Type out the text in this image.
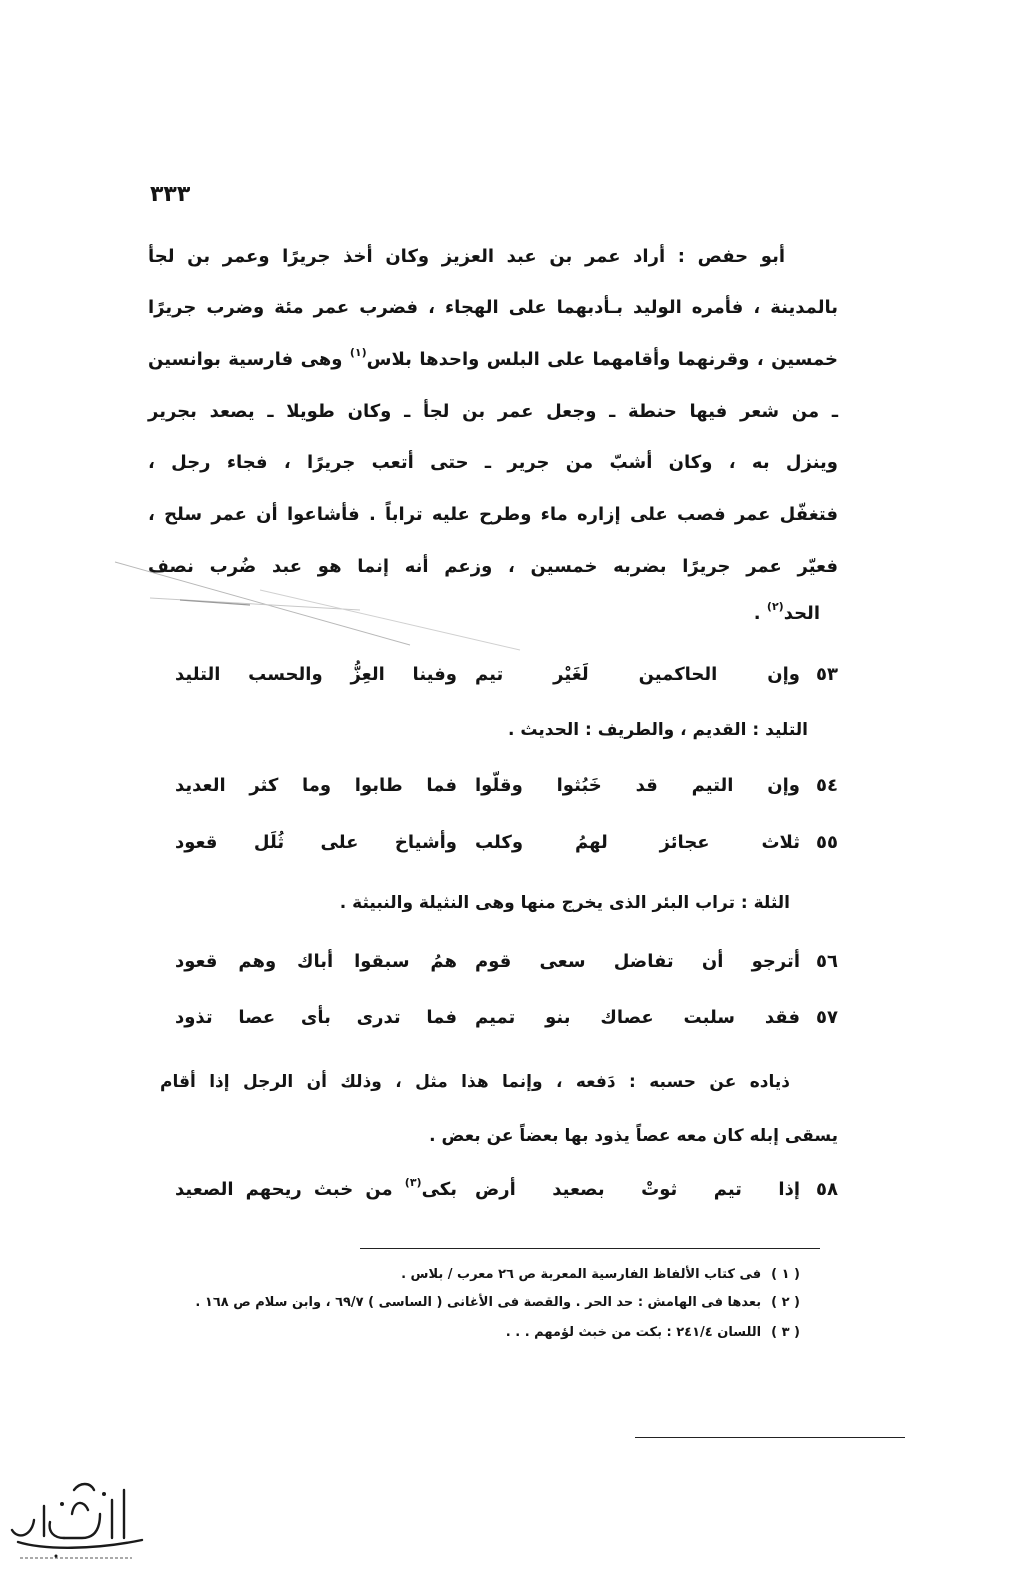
٣٣٣
أبو حفص : أراد عمر بن عبد العزيز وكان أخذ جريرًا وعمر بن لجأ
بالمدينة ، فأمره الوليد بـأدبهما على الهجاء ، فضرب عمر مئة وضرب جريرًا
خمسين ، وقرنهما وأقامهما على البلس واحدها بلاس$^{(١)}$ وهى فارسية بوانسين
ـ من شعر فيها حنطة ـ وجعل عمر بن لجأ ـ وكان طويلا ـ يصعد بجرير
وينزل به ، وكان أشبّ من جرير ـ حتى أتعب جريرًا ، فجاء رجل ،
فتغفّل عمر فصب على إزاره ماء وطرح عليه تراباً . فأشاعوا أن عمر سلح ،
فعيّر عمر جريرًا بضربه خمسين ، وزعم أنه إنما هو عبد ضُرب نصف
الحد$^{(٢)}$ .
٥٣
وإن الحاكمين لَغَيْر تيم
وفينا العِزُّ والحسب التليد
التليد : القديم ، والطريف : الحديث .
٥٤
وإن التيم قد خَبُثوا وقلّوا
فما طابوا وما كثر العديد
٥٥
ثلاث عجائز لهمُ وكلب
وأشياخ على ثُلَل قعود
الثلة : تراب البئر الذى يخرج منها وهى النثيلة والنبيثة .
٥٦
أترجو أن تفاضل سعى قوم
همُ سبقوا أباك وهم قعود
٥٧
فقد سلبت عصاك بنو تميم
فما تدرى بأى عصا تذود
ذياده عن حسبه : دَفعه ، وإنما هذا مثل ، وذلك أن الرجل إذا أقام
يسقى إبله كان معه عصاً يذود بها بعضاً عن بعض .
٥٨
إذا تيم ثوتْ بصعيد أرض
بكى$^{(٣)}$ من خبث ريحهم الصعيد
( ١ )فى كتاب الألفاظ الفارسية المعربة ص ٢٦ معرب / بلاس .
( ٢ )بعدها فى الهامش : حد الحر . والقصة فى الأغانى ( الساسى ) ٦٩/٧ ، وابن سلام ص ١٦٨ .
( ٣ )اللسان ٢٤١/٤ : بكت من خبث لؤمهم . . .
